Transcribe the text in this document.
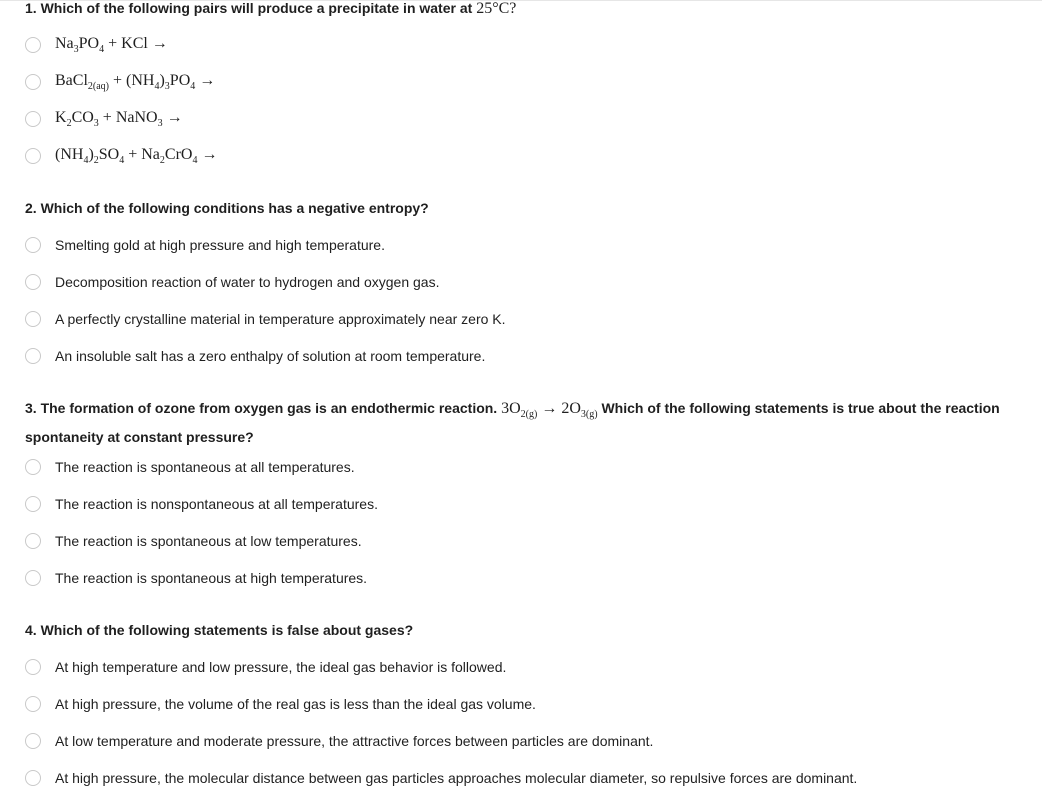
1. Which of the following pairs will produce a precipitate in water at 25°C?
$Na_3PO_4$ + KCl →
BaCl$_{2(aq)}$ + $(NH_4)_3PO_4$ →
$K_2CO_3$ + NaNO$_3$ →
$(NH_4)_2SO_4 + Na_2CrO_4$ →
2. Which of the following conditions has a negative entropy?
Smelting gold at high pressure and high temperature.
Decomposition reaction of water to hydrogen and oxygen gas.
A perfectly crystalline material in temperature approximately near zero K.
An insoluble salt has a zero enthalpy of solution at room temperature.
3. The formation of ozone from oxygen gas is an endothermic reaction. $3O_{2(g)} \to 2O_{3(g)}$ Which of the following statements is true about the reaction spontaneity at constant pressure?
The reaction is spontaneous at all temperatures.
The reaction is nonspontaneous at all temperatures.
The reaction is spontaneous at low temperatures.
The reaction is spontaneous at high temperatures.
4. Which of the following statements is false about gases?
At high temperature and low pressure, the ideal gas behavior is followed.
At high pressure, the volume of the real gas is less than the ideal gas volume.
At low temperature and moderate pressure, the attractive forces between particles are dominant.
At high pressure, the molecular distance between gas particles approaches molecular diameter, so repulsive forces are dominant.
